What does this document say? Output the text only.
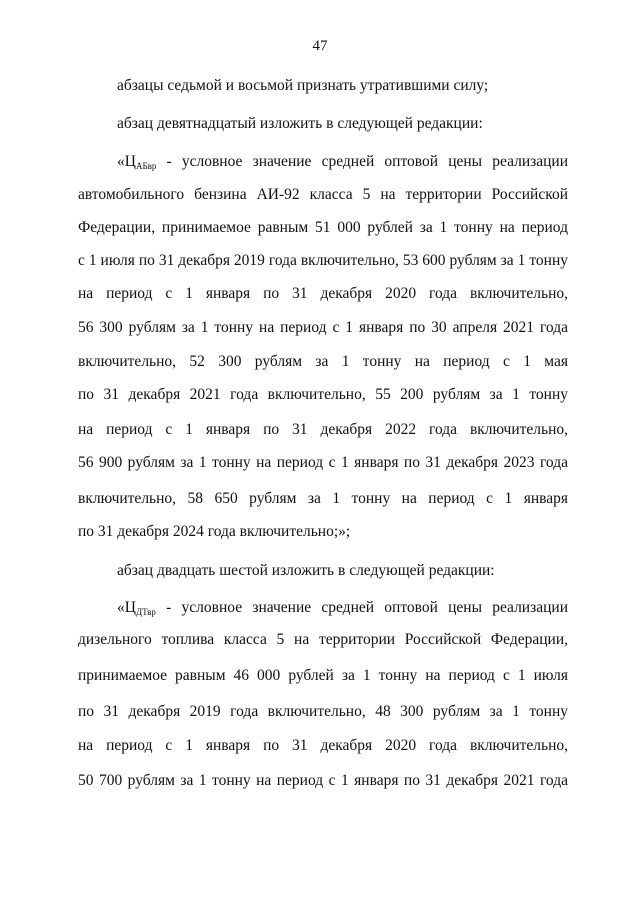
47
абзацы седьмой и восьмой признать утратившими силу;
абзац девятнадцатый изложить в следующей редакции:
«$Ц_{АБвр}$ - условное значение средней оптовой цены реализации
автомобильного бензина АИ-92 класса 5 на территории Российской
Федерации, принимаемое равным 51 000 рублей за 1 тонну на период
с 1 июля по 31 декабря 2019 года включительно, 53 600 рублям за 1 тонну
на период с 1 января по 31 декабря 2020 года включительно,
56 300 рублям за 1 тонну на период с 1 января по 30 апреля 2021 года
включительно, 52 300 рублям за 1 тонну на период с 1 мая
по 31 декабря 2021 года включительно, 55 200 рублям за 1 тонну
на период с 1 января по 31 декабря 2022 года включительно,
56 900 рублям за 1 тонну на период с 1 января по 31 декабря 2023 года
включительно, 58 650 рублям за 1 тонну на период с 1 января
по 31 декабря 2024 года включительно;»;
абзац двадцать шестой изложить в следующей редакции:
«$Ц_{ДТвр}$ - условное значение средней оптовой цены реализации
дизельного топлива класса 5 на территории Российской Федерации,
принимаемое равным 46 000 рублей за 1 тонну на период с 1 июля
по 31 декабря 2019 года включительно, 48 300 рублям за 1 тонну
на период с 1 января по 31 декабря 2020 года включительно,
50 700 рублям за 1 тонну на период с 1 января по 31 декабря 2021 года
